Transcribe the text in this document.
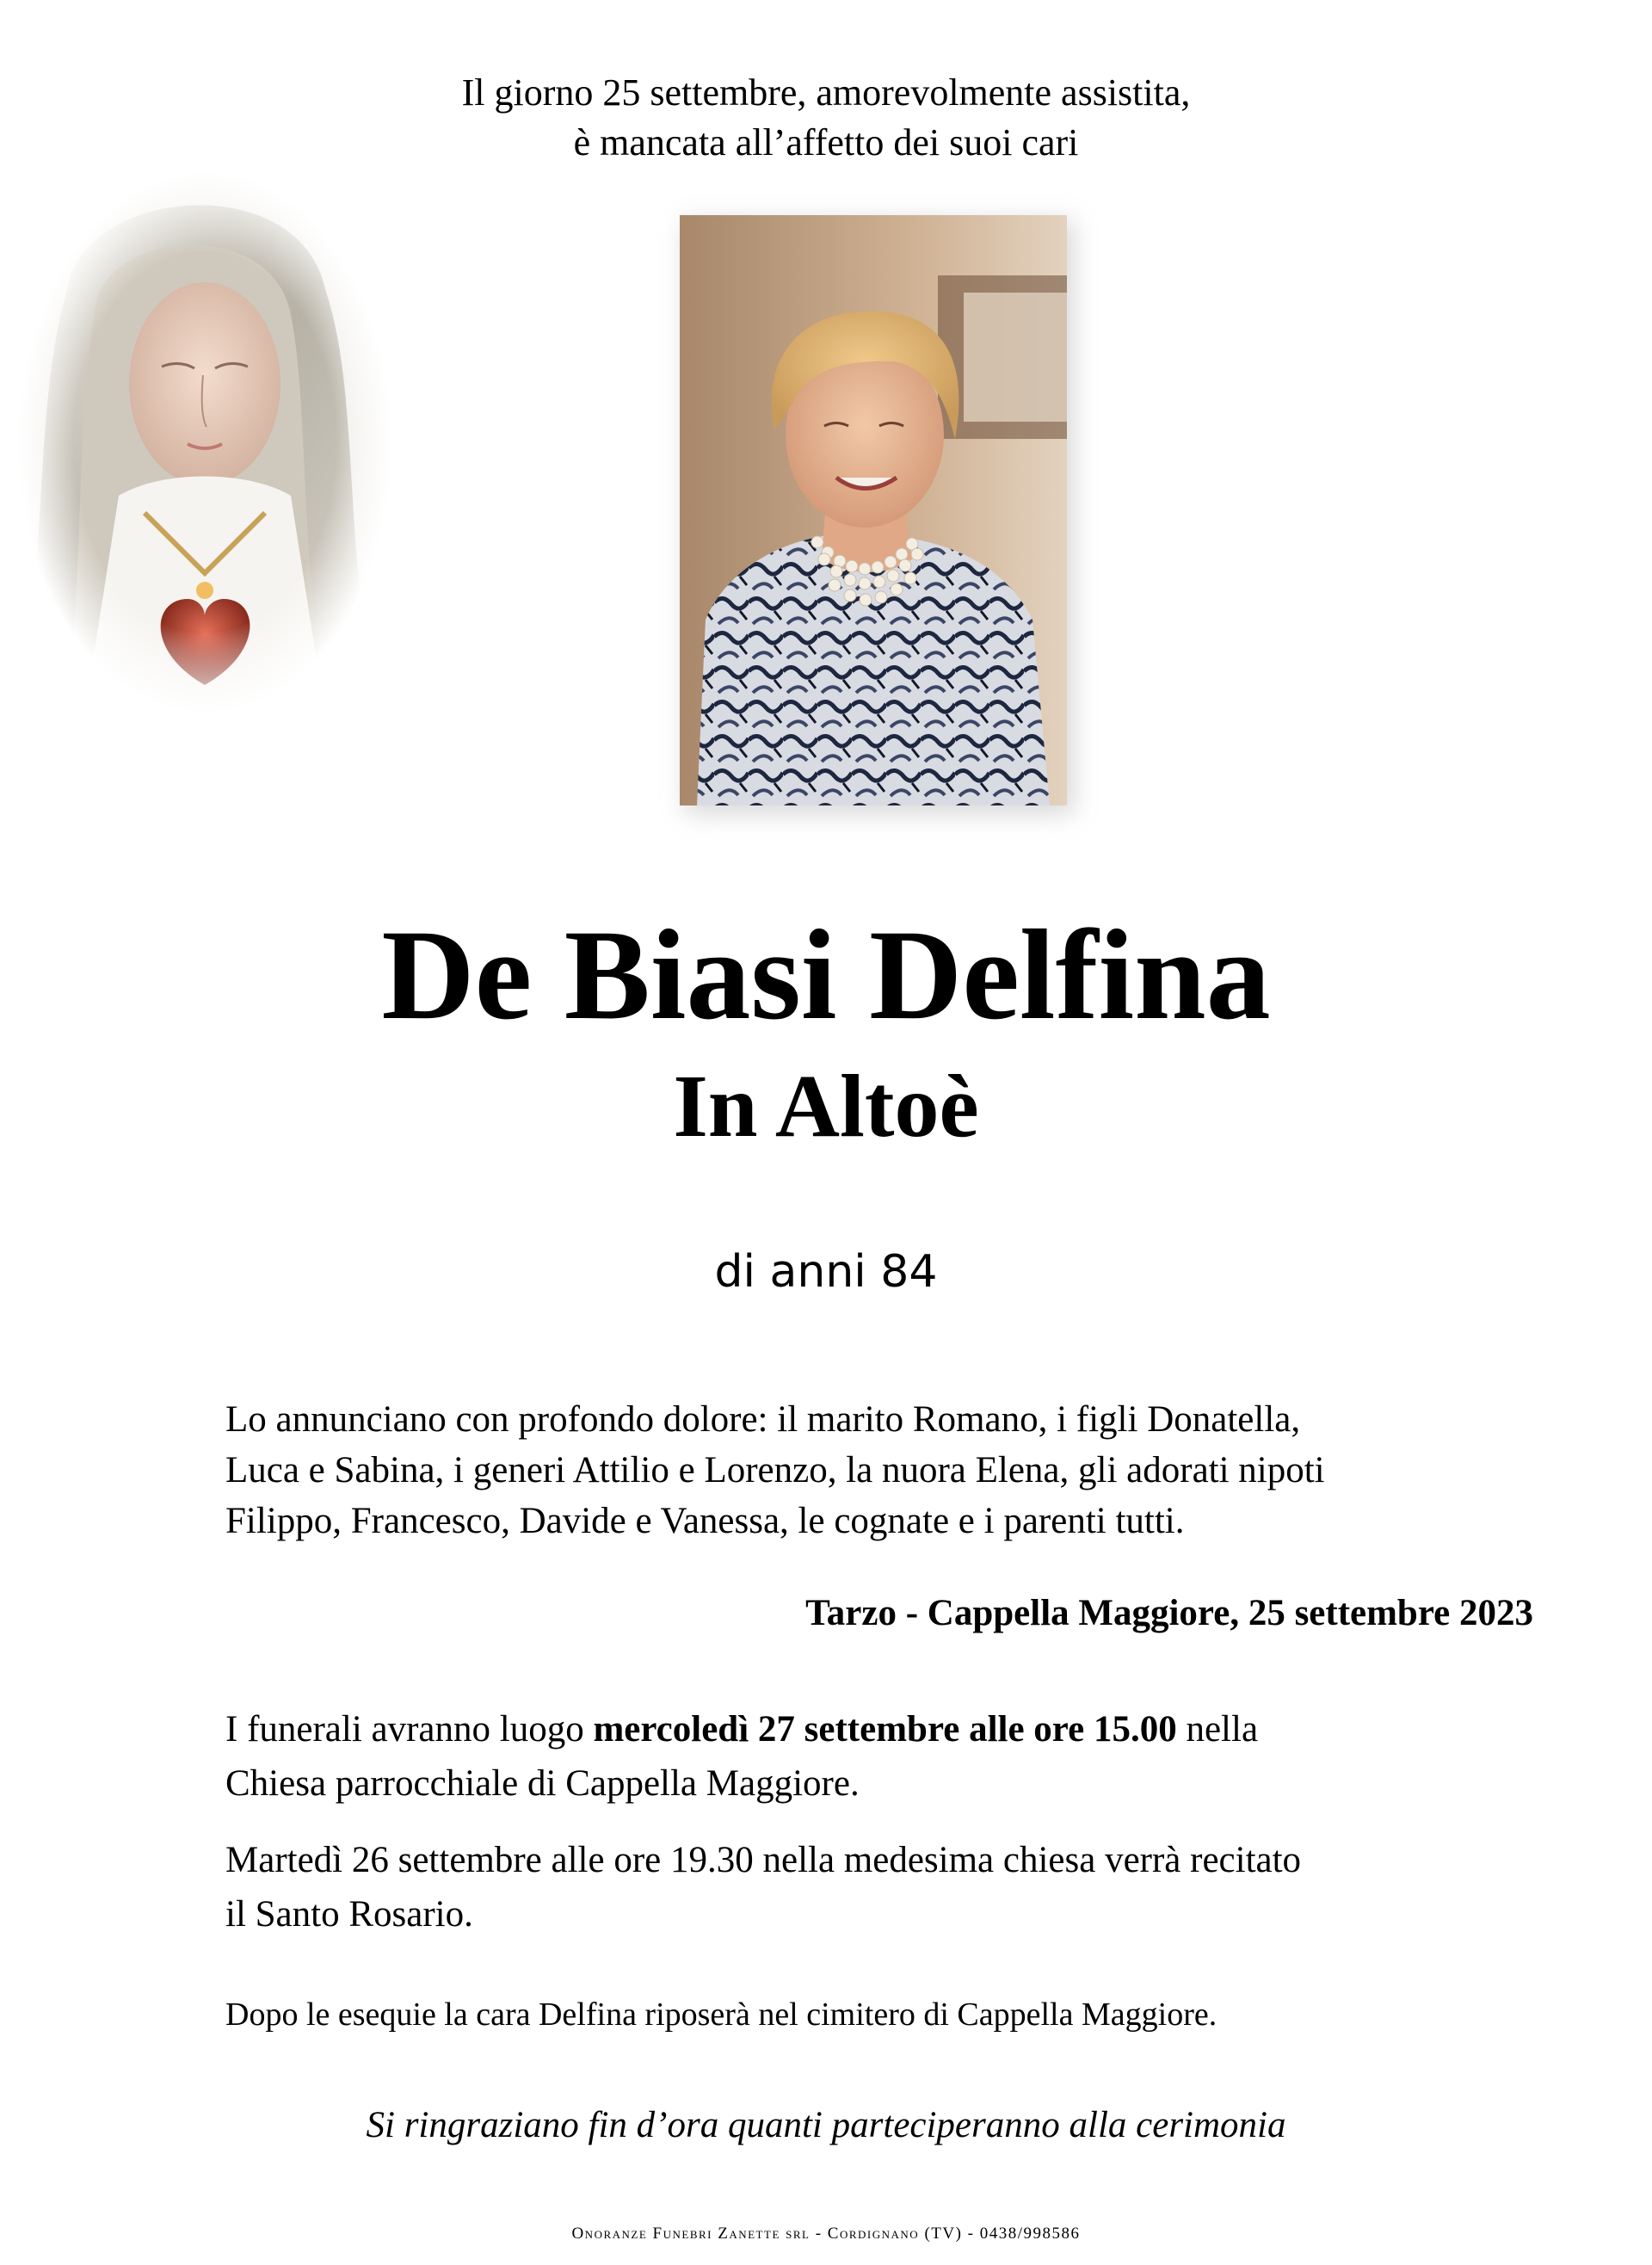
Il giorno 25 settembre, amorevolmente assistita,
è mancata all’affetto dei suoi cari
De Biasi Delfina
In Altoè
di anni 84
Lo annunciano con profondo dolore: il marito Romano, i figli Donatella,
Luca e Sabina, i generi Attilio e Lorenzo, la nuora Elena, gli adorati nipoti
Filippo, Francesco, Davide e Vanessa, le cognate e i parenti tutti.
Tarzo - Cappella Maggiore, 25 settembre 2023
I funerali avranno luogo mercoledì 27 settembre alle ore 15.00 nella
Chiesa parrocchiale di Cappella Maggiore.
Martedì 26 settembre alle ore 19.30 nella medesima chiesa verrà recitato
il Santo Rosario.
Dopo le esequie la cara Delfina riposerà nel cimitero di Cappella Maggiore.
Si ringraziano fin d’ora quanti parteciperanno alla cerimonia
Onoranze Funebri Zanette srl - Cordignano (TV) - 0438/998586
